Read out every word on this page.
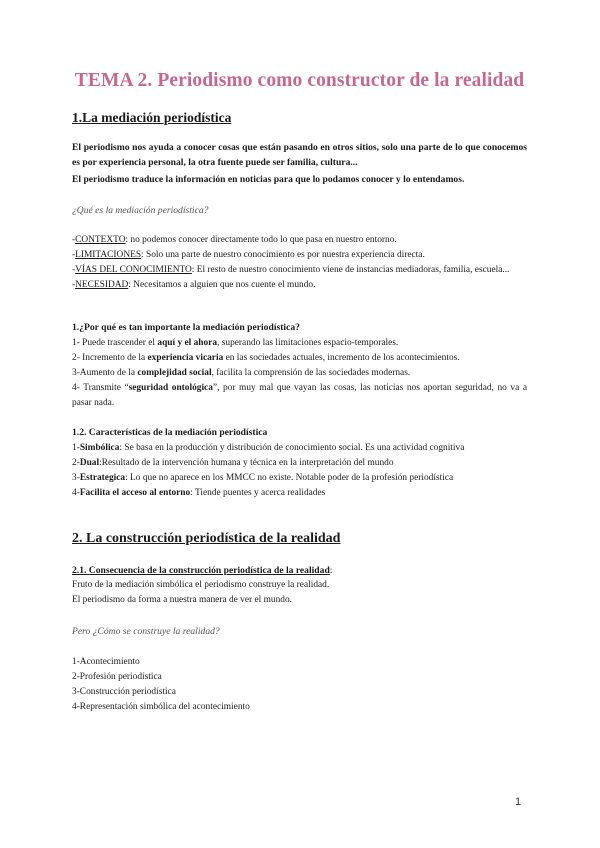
TEMA 2. Periodismo como constructor de la realidad
1.La mediación periodística
El periodismo nos ayuda a conocer cosas que están pasando en otros sitios, solo una parte de lo que conocemos es por experiencia personal, la otra fuente puede ser familia, cultura...
El periodismo traduce la información en noticias para que lo podamos conocer y lo entendamos.
¿Qué es la mediación periodística?
-CONTEXTO: no podemos conocer directamente todo lo que pasa en nuestro entorno.
-LIMITACIONES: Solo una parte de nuestro conocimiento es por nuestra experiencia directa.
-VÍAS DEL CONOCIMIENTO: El resto de nuestro conocimiento viene de instancias mediadoras, familia, escuela...
-NECESIDAD: Necesitamos a alguien que nos cuente el mundo.
1.¿Por qué es tan importante la mediación periodística?
1- Puede trascender el aquí y el ahora, superando las limitaciones espacio-temporales.
2- Incremento de la experiencia vicaria en las sociedades actuales, incremento de los acontecimientos.
3-Aumento de la complejidad social, facilita la comprensión de las sociedades modernas.
4- Transmite “seguridad ontológica”, por muy mal que vayan las cosas, las noticias nos aportan seguridad, no va a pasar nada.
1.2. Características de la mediación periodística
1-Simbólica: Se basa en la producción y distribución de conocimiento social. Es una actividad cognitiva
2-Dual:Resultado de la intervención humana y técnica en la interpretación del mundo
3-Estrategica: Lo que no aparece en los MMCC no existe. Notable poder de la profesión periodística
4-Facilita el acceso al entorno: Tiende puentes y acerca realidades
2. La construcción periodística de la realidad
2.1. Consecuencia de la construcción periodística de la realidad:
Fruto de la mediación simbólica el periodismo construye la realidad.
El periodismo da forma a nuestra manera de ver el mundo.
Pero ¿Cómo se construye la realidad?
1-Acontecimiento
2-Profesión periodística
3-Construcción periodística
4-Representación simbólica del acontecimiento
1
